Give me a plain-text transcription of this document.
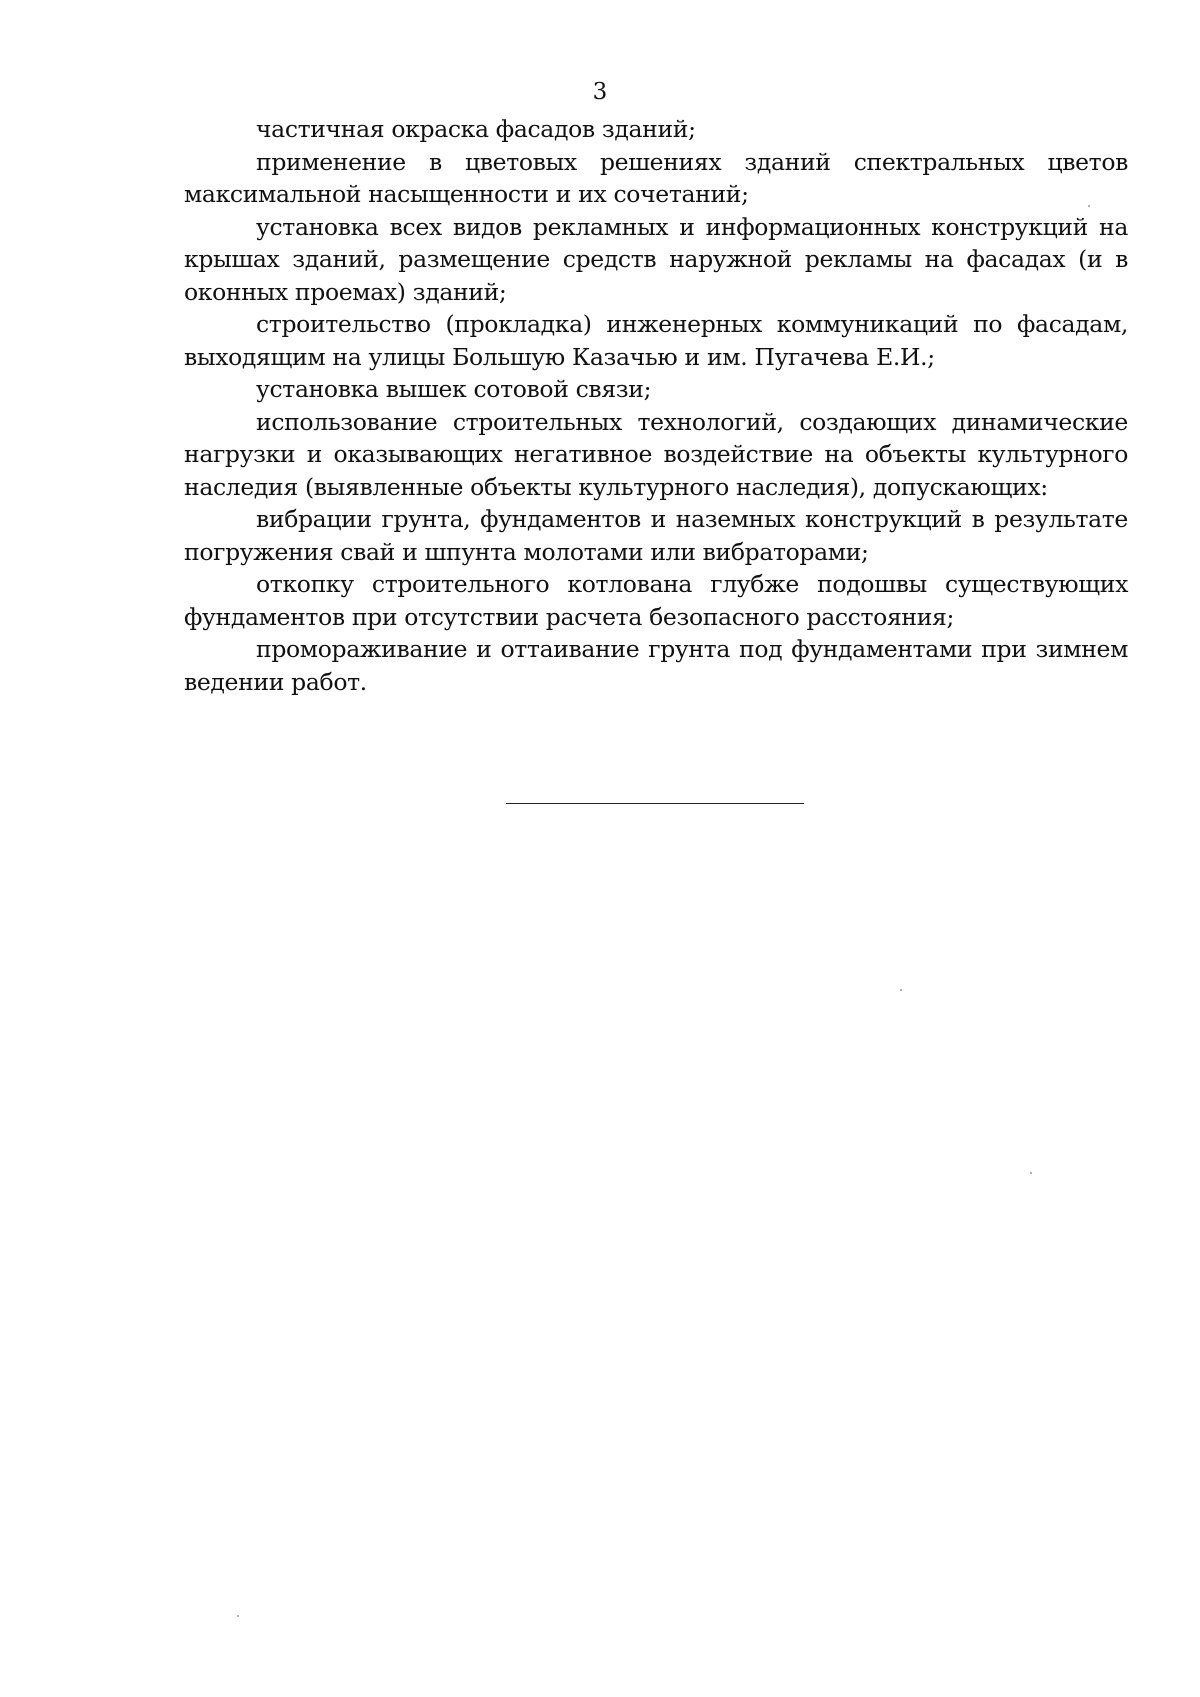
3

частичная окраска фасадов зданий;

применение в цветовых решениях зданий спектральных цветов максимальной насыщенности и их сочетаний;

установка всех видов рекламных и информационных конструкций на крышах зданий, размещение средств наружной рекламы на фасадах (и в оконных проемах) зданий;

строительство (прокладка) инженерных коммуникаций по фасадам, выходящим на улицы Большую Казачью и им. Пугачева Е.И.;

установка вышек сотовой связи;

использование строительных технологий, создающих динамические нагрузки и оказывающих негативное воздействие на объекты культурного наследия (выявленные объекты культурного наследия), допускающих:

вибрации грунта, фундаментов и наземных конструкций в результате погружения свай и шпунта молотами или вибраторами;

откопку строительного котлована глубже подошвы существующих фундаментов при отсутствии расчета безопасного расстояния;

промораживание и оттаивание грунта под фундаментами при зимнем ведении работ.
